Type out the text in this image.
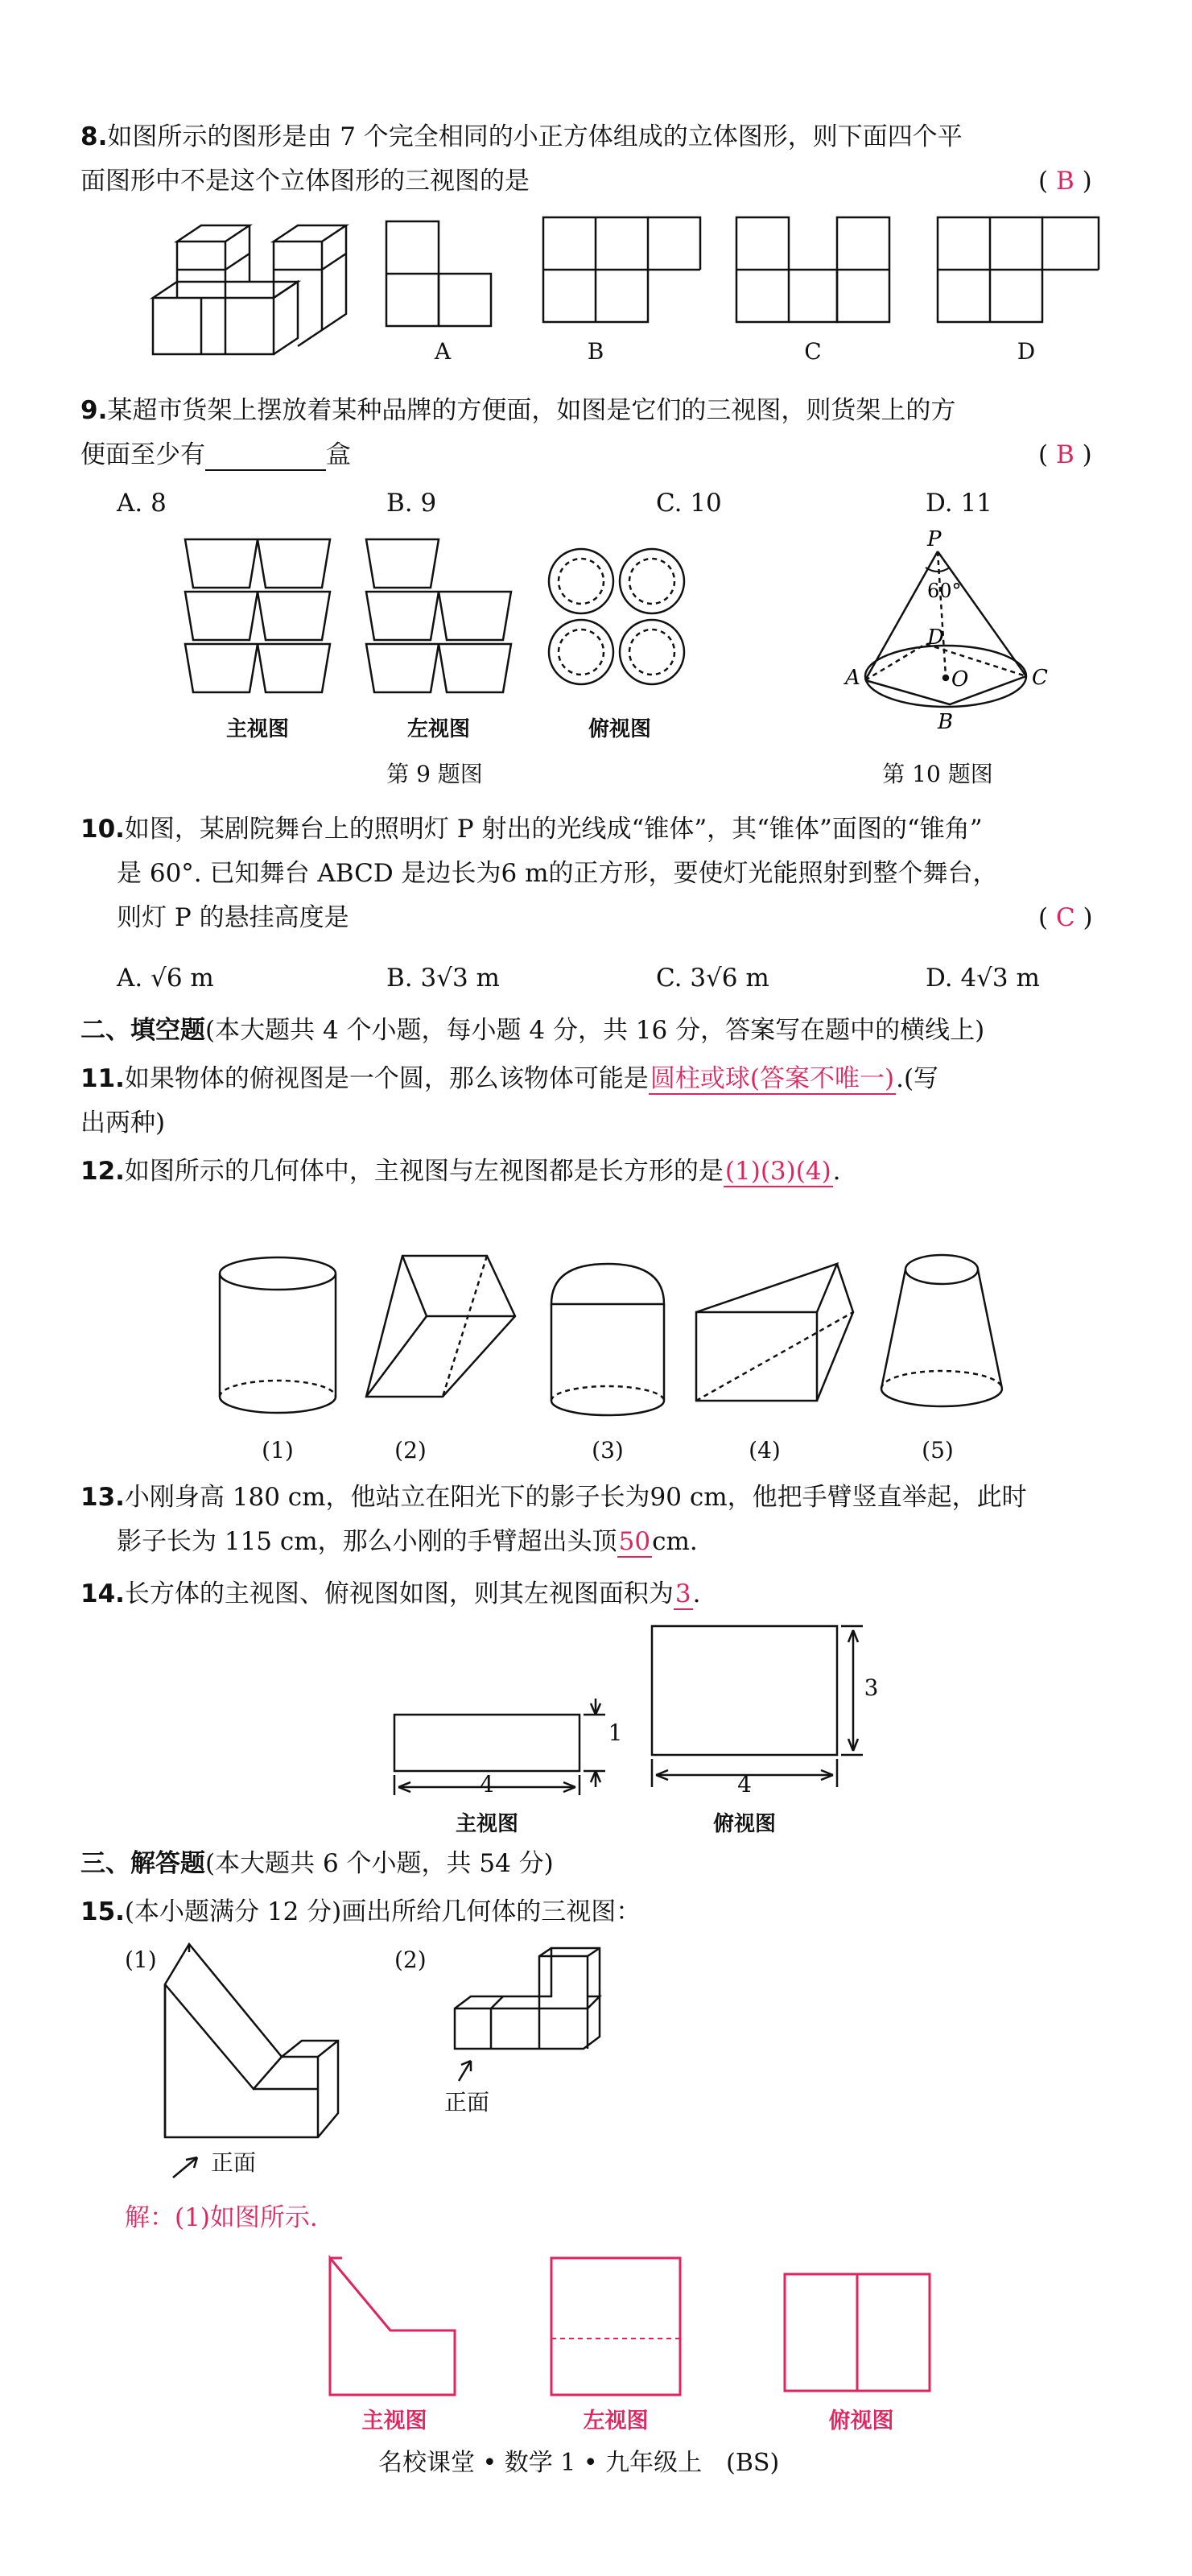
8.如图所示的图形是由 7 个完全相同的小正方体组成的立体图形，则下面四个平
面图形中不是这个立体图形的三视图的是	( B )
A	B	C	D
9.某超市货架上摆放着某种品牌的方便面，如图是它们的三视图，则货架上的方
便面至少有	盒	( B )
A. 8	B. 9	C. 10	D. 11
主视图	左视图	俯视图
第 9 题图
P
60°
A
B
C
D
O
第 10 题图
10.如图，某剧院舞台上的照明灯 P 射出的光线成“锥体”，其“锥体”面图的“锥角”
是 60°. 已知舞台 ABCD 是边长为6 m的正方形，要使灯光能照射到整个舞台，
则灯 P 的悬挂高度是	( C )
A. √6 m	B. 3√3 m	C. 3√6 m	D. 4√3 m
二、填空题(本大题共 4 个小题，每小题 4 分，共 16 分，答案写在题中的横线上)
11.如果物体的俯视图是一个圆，那么该物体可能是圆柱或球(答案不唯一).(写
出两种)
12.如图所示的几何体中，主视图与左视图都是长方形的是(1)(3)(4).
(1)	(2)	(3)	(4)	(5)
13.小刚身高 180 cm，他站立在阳光下的影子长为90 cm，他把手臂竖直举起，此时
影子长为 115 cm，那么小刚的手臂超出头顶50cm.
14.长方体的主视图、俯视图如图，则其左视图面积为3.
4
1
主视图
4
3
俯视图
三、解答题(本大题共 6 个小题，共 54 分)
15.(本小题满分 12 分)画出所给几何体的三视图：
(1)	(2)
正面
正面
解：(1)如图所示.
主视图	左视图	俯视图
名校课堂 • 数学 1 • 九年级上　(BS)
